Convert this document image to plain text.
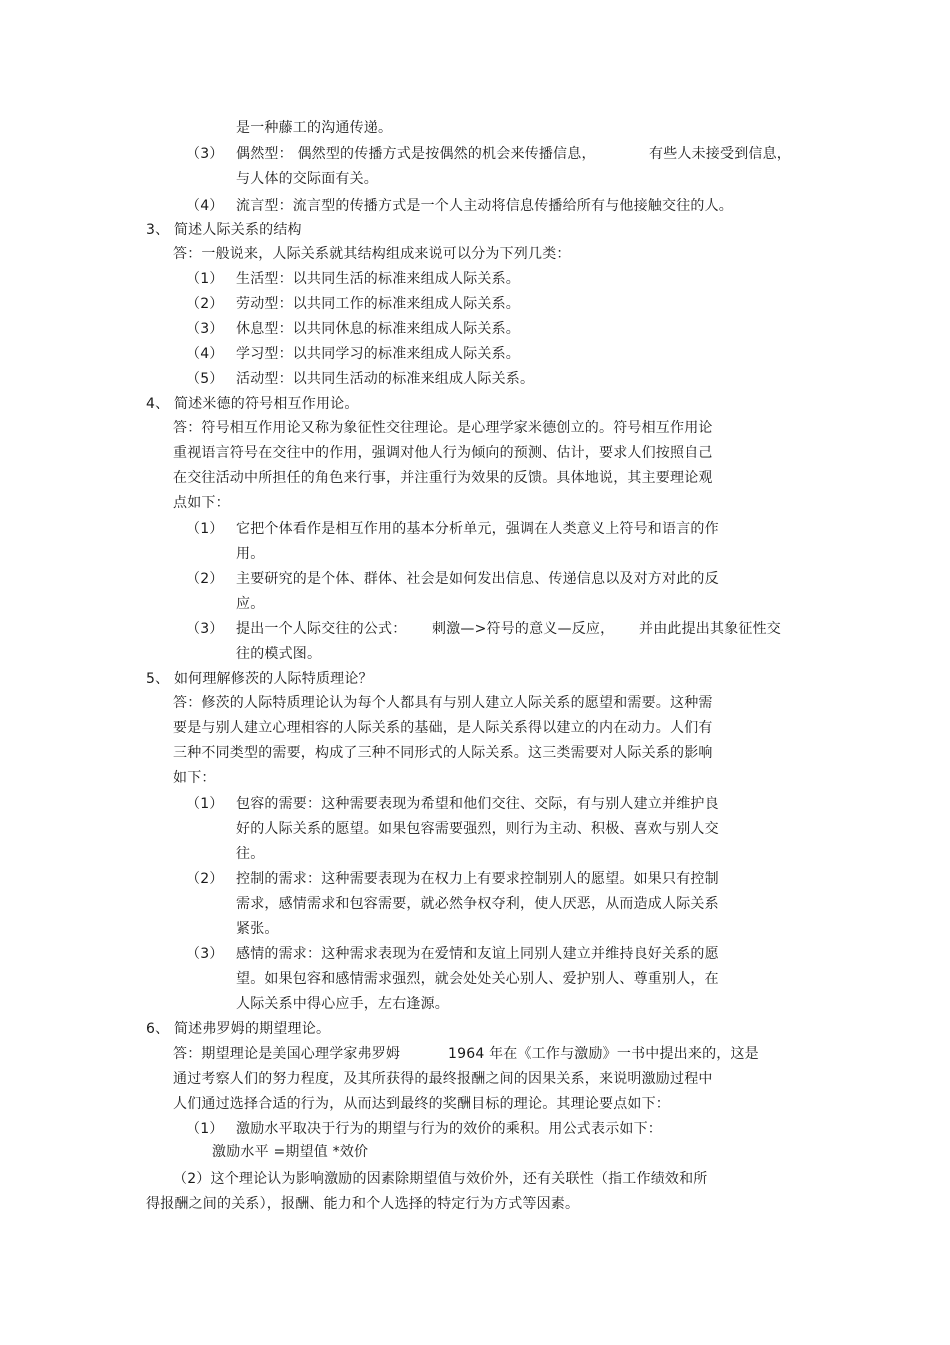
是一种藤工的沟通传递。
（3） 偶然型： 偶然型的传播方式是按偶然的机会来传播信息，	有些人未接受到信息，
与人体的交际面有关。
（4） 流言型：流言型的传播方式是一个人主动将信息传播给所有与他接触交往的人。
3、 简述人际关系的结构
答：一般说来，人际关系就其结构组成来说可以分为下列几类：
（1） 生活型：以共同生活的标准来组成人际关系。
（2） 劳动型：以共同工作的标准来组成人际关系。
（3） 休息型：以共同休息的标准来组成人际关系。
（4） 学习型：以共同学习的标准来组成人际关系。
（5） 活动型：以共同生活动的标准来组成人际关系。
4、 简述米德的符号相互作用论。
答：符号相互作用论又称为象征性交往理论。是心理学家米德创立的。符号相互作用论
重视语言符号在交往中的作用，强调对他人行为倾向的预测、估计，要求人们按照自己
在交往活动中所担任的角色来行事，并注重行为效果的反馈。具体地说，其主要理论观
点如下：
（1） 它把个体看作是相互作用的基本分析单元，强调在人类意义上符号和语言的作
用。
（2） 主要研究的是个体、群体、社会是如何发出信息、传递信息以及对方对此的反
应。
（3） 提出一个人际交往的公式： 刺激—>符号的意义—反应， 并由此提出其象征性交
往的模式图。
5、 如何理解修茨的人际特质理论？
答：修茨的人际特质理论认为每个人都具有与别人建立人际关系的愿望和需要。这种需
要是与别人建立心理相容的人际关系的基础，是人际关系得以建立的内在动力。人们有
三种不同类型的需要，构成了三种不同形式的人际关系。这三类需要对人际关系的影响
如下：
（1） 包容的需要：这种需要表现为希望和他们交往、交际，有与别人建立并维护良
好的人际关系的愿望。如果包容需要强烈，则行为主动、积极、喜欢与别人交
往。
（2） 控制的需求：这种需要表现为在权力上有要求控制别人的愿望。如果只有控制
需求，感情需求和包容需要，就必然争权夺利，使人厌恶，从而造成人际关系
紧张。
（3） 感情的需求：这种需求表现为在爱情和友谊上同别人建立并维持良好关系的愿
望。如果包容和感情需求强烈，就会处处关心别人、爱护别人、尊重别人，在
人际关系中得心应手，左右逢源。
6、 简述弗罗姆的期望理论。
答：期望理论是美国心理学家弗罗姆	1964 年在《工作与激励》一书中提出来的，这是
通过考察人们的努力程度，及其所获得的最终报酬之间的因果关系，来说明激励过程中
人们通过选择合适的行为，从而达到最终的奖酬目标的理论。其理论要点如下：
（1） 激励水平取决于行为的期望与行为的效价的乘积。用公式表示如下：
激励水平 =期望值 *效价
（2）这个理论认为影响激励的因素除期望值与效价外，还有关联性（指工作绩效和所
得报酬之间的关系），报酬、能力和个人选择的特定行为方式等因素。
